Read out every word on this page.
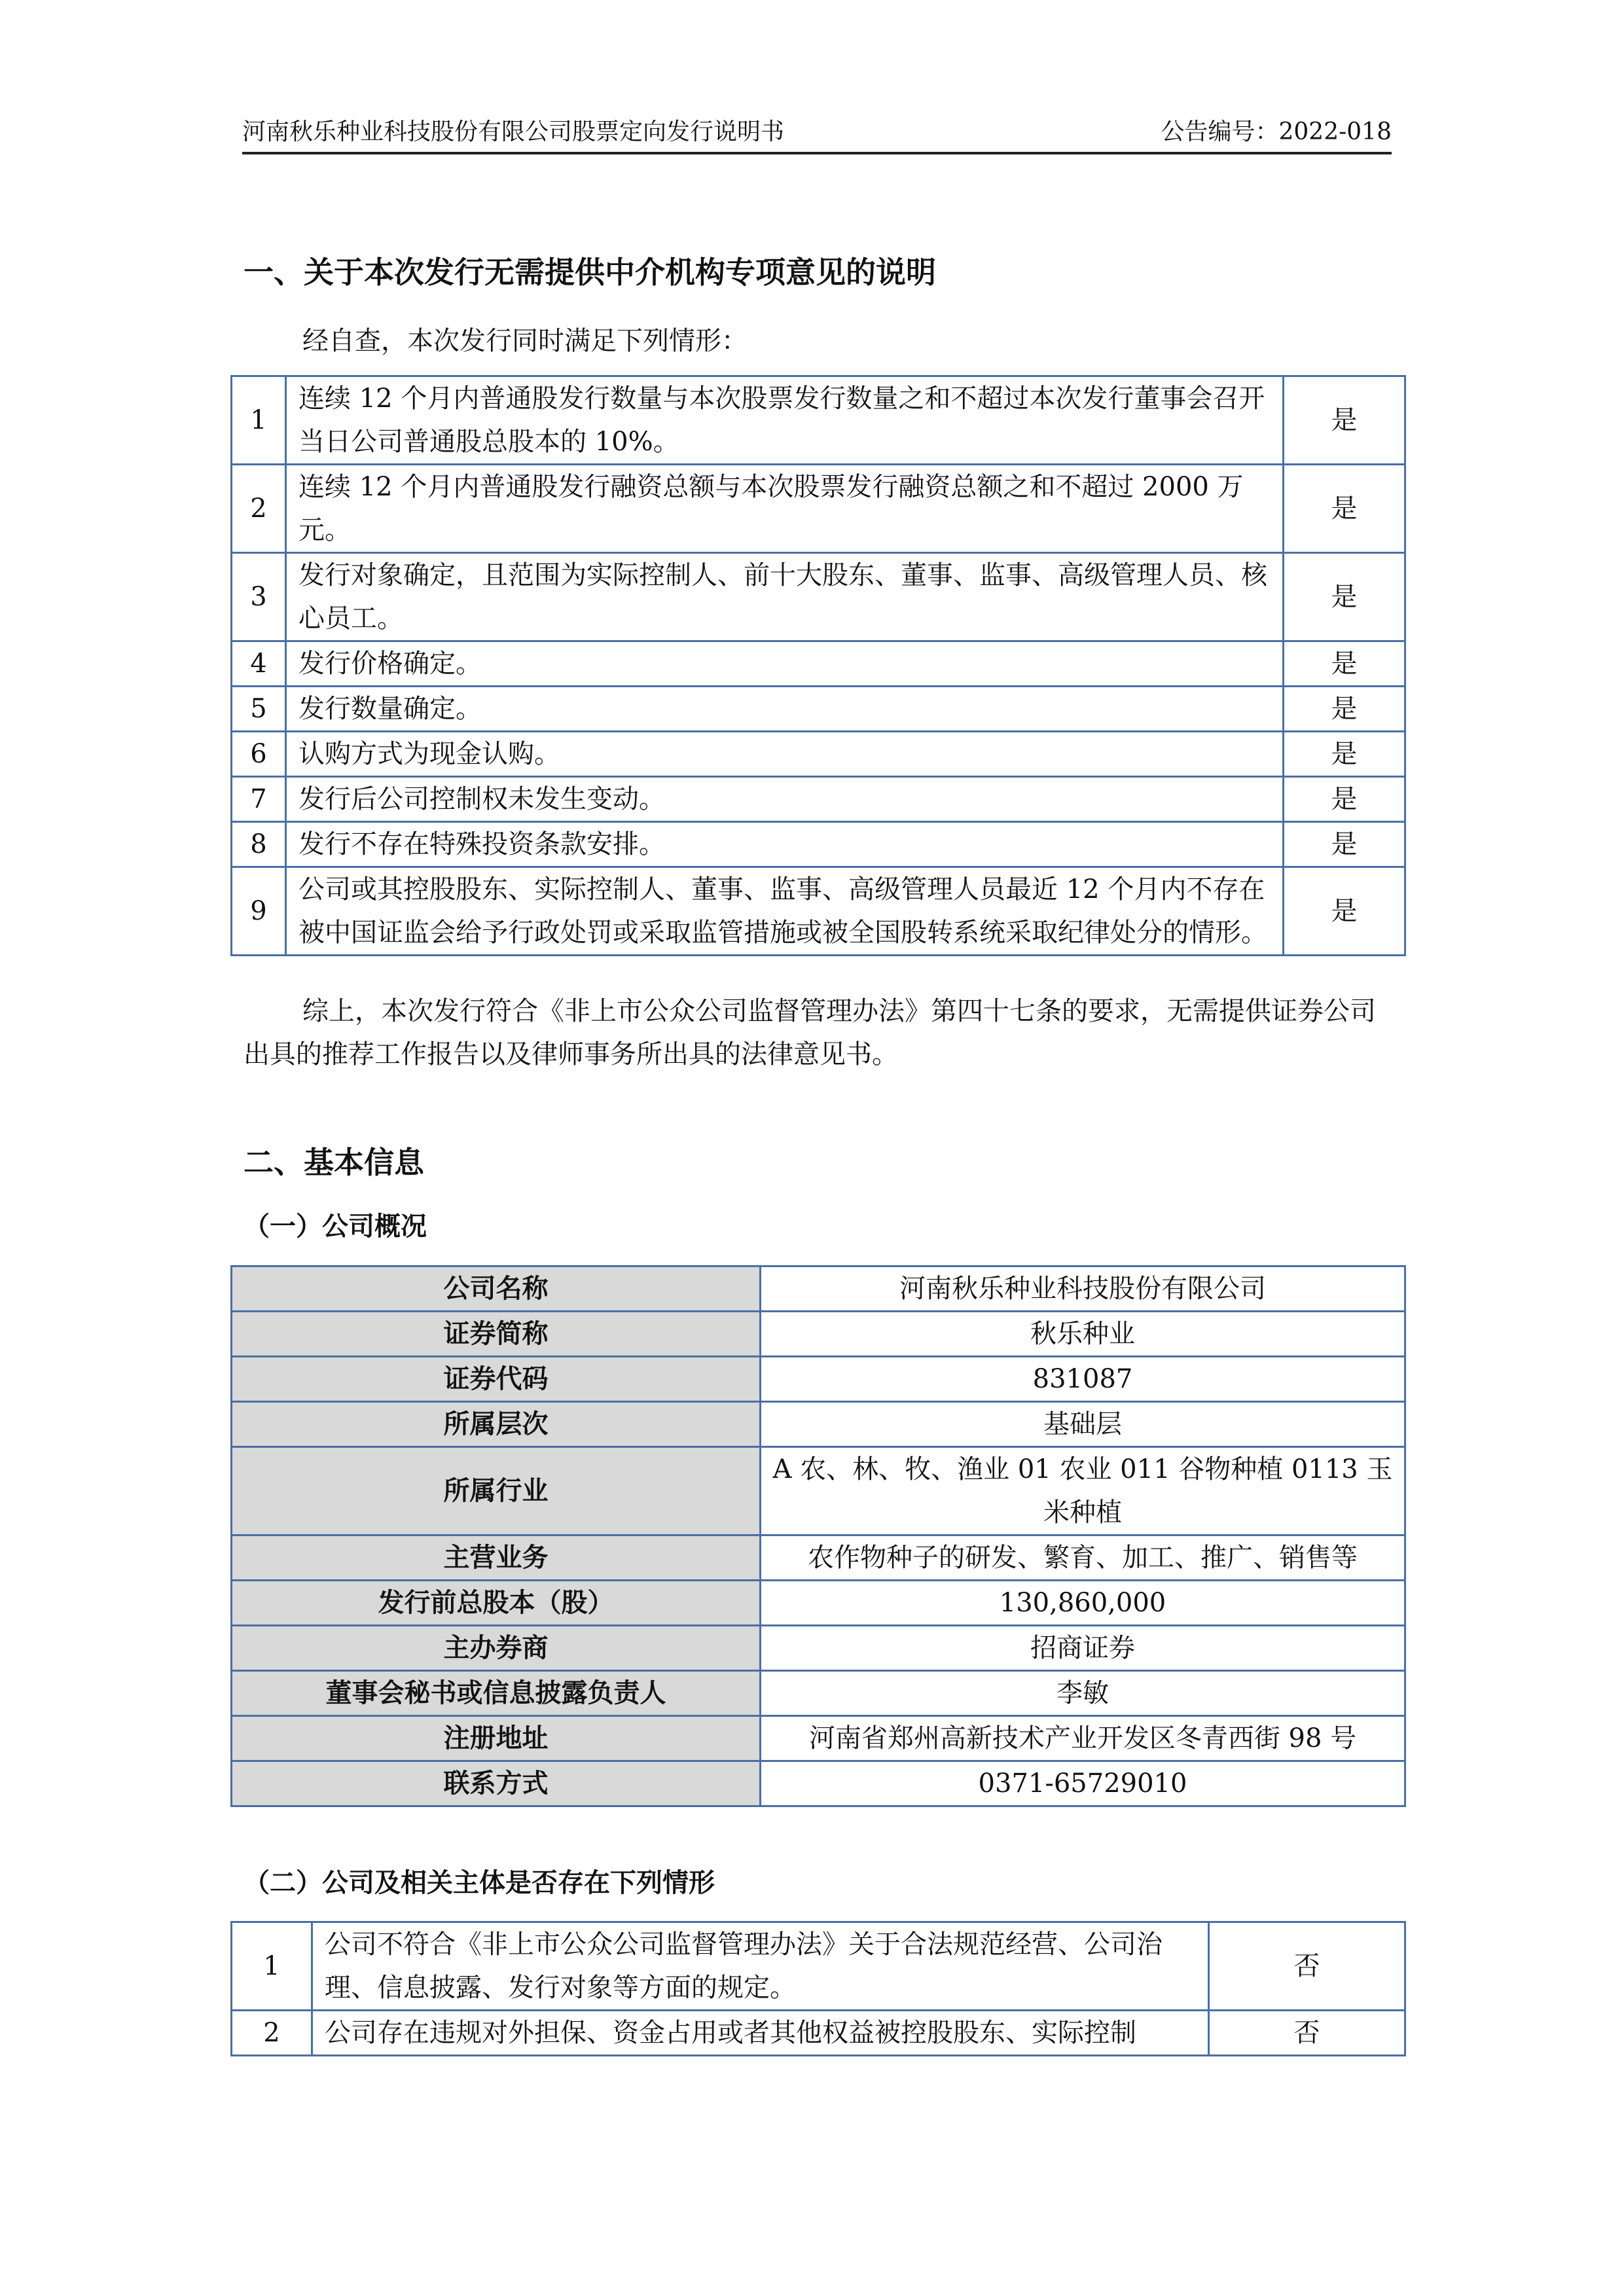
河南秋乐种业科技股份有限公司股票定向发行说明书	公告编号：2022-018
一、关于本次发行无需提供中介机构专项意见的说明
经自查，本次发行同时满足下列情形：
1	连续 12 个月内普通股发行数量与本次股票发行数量之和不超过本次发行董事会召开当日公司普通股总股本的 10%。	是
2	连续 12 个月内普通股发行融资总额与本次股票发行融资总额之和不超过 2000 万元。	是
3	发行对象确定，且范围为实际控制人、前十大股东、董事、监事、高级管理人员、核心员工。	是
4	发行价格确定。	是
5	发行数量确定。	是
6	认购方式为现金认购。	是
7	发行后公司控制权未发生变动。	是
8	发行不存在特殊投资条款安排。	是
9	公司或其控股股东、实际控制人、董事、监事、高级管理人员最近 12 个月内不存在被中国证监会给予行政处罚或采取监管措施或被全国股转系统采取纪律处分的情形。	是
综上，本次发行符合《非上市公众公司监督管理办法》第四十七条的要求，无需提供证券公司出具的推荐工作报告以及律师事务所出具的法律意见书。
二、基本信息
（一）公司概况
公司名称	河南秋乐种业科技股份有限公司
证券简称	秋乐种业
证券代码	831087
所属层次	基础层
所属行业	A 农、林、牧、渔业 01 农业 011 谷物种植 0113 玉米种植
主营业务	农作物种子的研发、繁育、加工、推广、销售等
发行前总股本（股）	130,860,000
主办券商	招商证券
董事会秘书或信息披露负责人	李敏
注册地址	河南省郑州高新技术产业开发区冬青西街 98 号
联系方式	0371-65729010
（二）公司及相关主体是否存在下列情形
1	公司不符合《非上市公众公司监督管理办法》关于合法规范经营、公司治理、信息披露、发行对象等方面的规定。	否
2	公司存在违规对外担保、资金占用或者其他权益被控股股东、实际控制	否
